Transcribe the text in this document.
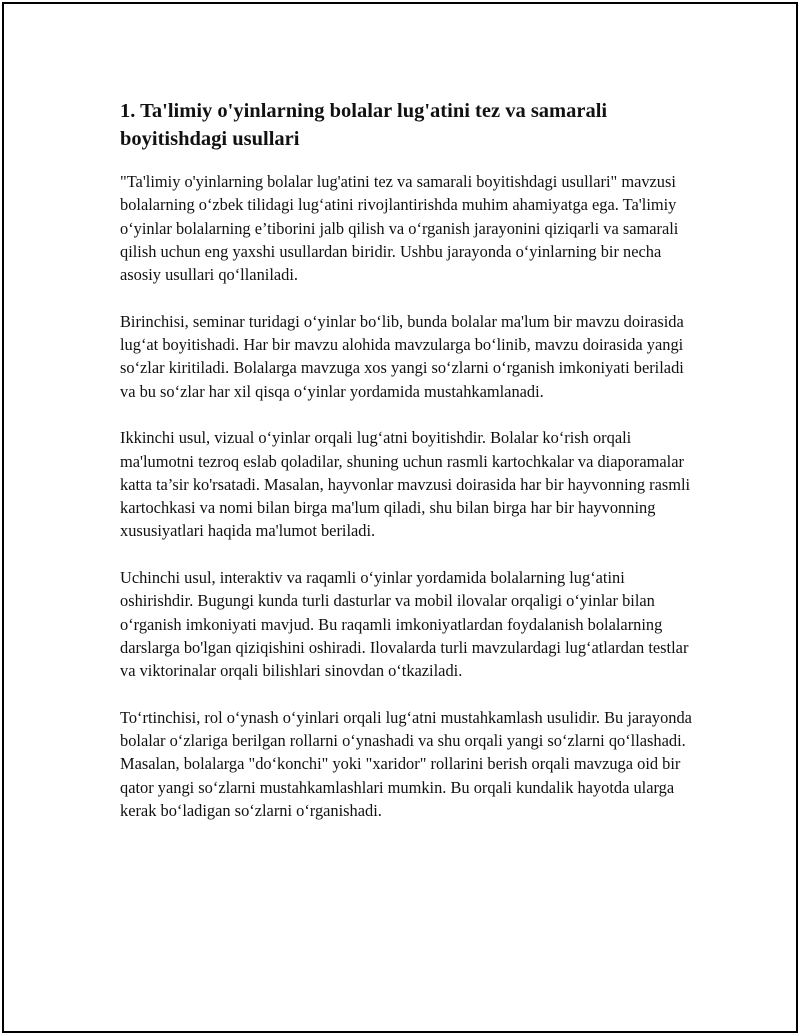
1. Ta'limiy o'yinlarning bolalar lug'atini tez va samarali boyitishdagi usullari

"Ta'limiy o'yinlarning bolalar lug'atini tez va samarali boyitishdagi usullari" mavzusi bolalarning o‘zbek tilidagi lug‘atini rivojlantirishda muhim ahamiyatga ega. Ta'limiy o‘yinlar bolalarning e’tiborini jalb qilish va o‘rganish jarayonini qiziqarli va samarali qilish uchun eng yaxshi usullardan biridir. Ushbu jarayonda o‘yinlarning bir necha asosiy usullari qo‘llaniladi.

Birinchisi, seminar turidagi o‘yinlar bo‘lib, bunda bolalar ma'lum bir mavzu doirasida lug‘at boyitishadi. Har bir mavzu alohida mavzularga bo‘linib, mavzu doirasida yangi so‘zlar kiritiladi. Bolalarga mavzuga xos yangi so‘zlarni o‘rganish imkoniyati beriladi va bu so‘zlar har xil qisqa o‘yinlar yordamida mustahkamlanadi.

Ikkinchi usul, vizual o‘yinlar orqali lug‘atni boyitishdir. Bolalar ko‘rish orqali ma'lumotni tezroq eslab qoladilar, shuning uchun rasmli kartochkalar va diaporamalar katta ta’sir ko'rsatadi. Masalan, hayvonlar mavzusi doirasida har bir hayvonning rasmli kartochkasi va nomi bilan birga ma'lum qiladi, shu bilan birga har bir hayvonning xususiyatlari haqida ma'lumot beriladi.

Uchinchi usul, interaktiv va raqamli o‘yinlar yordamida bolalarning lug‘atini oshirishdir. Bugungi kunda turli dasturlar va mobil ilovalar orqaligi o‘yinlar bilan o‘rganish imkoniyati mavjud. Bu raqamli imkoniyatlardan foydalanish bolalarning darslarga bo'lgan qiziqishini oshiradi. Ilovalarda turli mavzulardagi lug‘atlardan testlar va viktorinalar orqali bilishlari sinovdan o‘tkaziladi.

To‘rtinchisi, rol o‘ynash o‘yinlari orqali lug‘atni mustahkamlash usulidir. Bu jarayonda bolalar o‘zlariga berilgan rollarni o‘ynashadi va shu orqali yangi so‘zlarni qo‘llashadi. Masalan, bolalarga "do‘konchi" yoki "xaridor" rollarini berish orqali mavzuga oid bir qator yangi so‘zlarni mustahkamlashlari mumkin. Bu orqali kundalik hayotda ularga kerak bo‘ladigan so‘zlarni o‘rganishadi.
